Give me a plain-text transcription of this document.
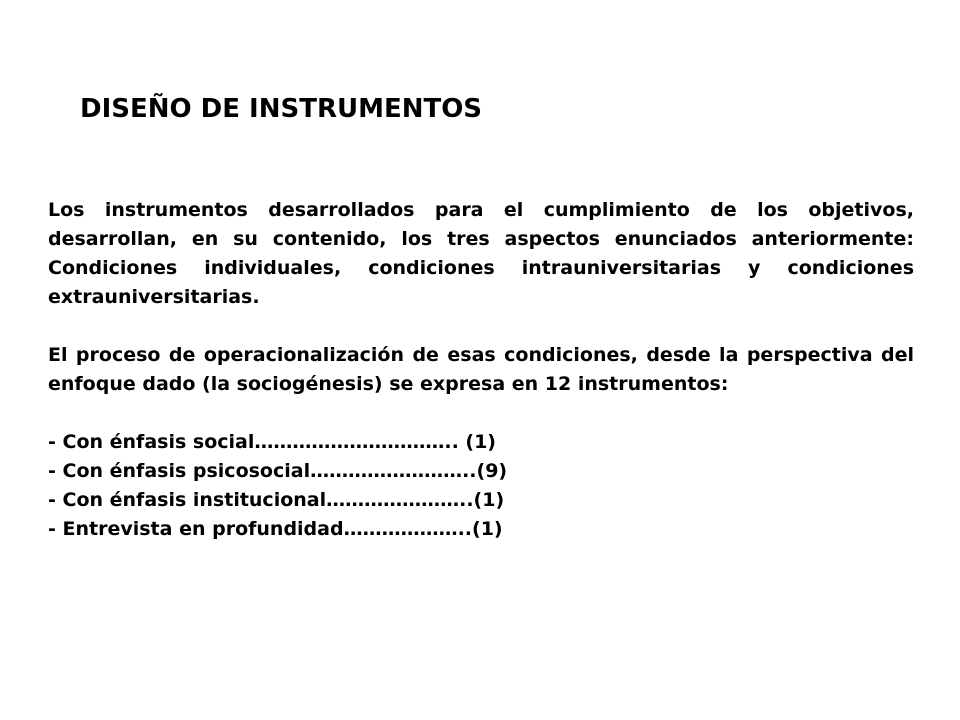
DISEÑO DE INSTRUMENTOS

Los instrumentos desarrollados para el cumplimiento de los objetivos, desarrollan, en su contenido, los tres aspectos enunciados anteriormente: Condiciones individuales, condiciones intrauniversitarias y condiciones extrauniversitarias.

El proceso de operacionalización de esas condiciones, desde la perspectiva del enfoque dado (la sociogénesis) se expresa en 12 instrumentos:

- Con énfasis social………………………….. (1)
- Con énfasis psicosocial……………………..(9)
- Con énfasis institucional…………………..(1)
- Entrevista en profundidad………………..(1)
